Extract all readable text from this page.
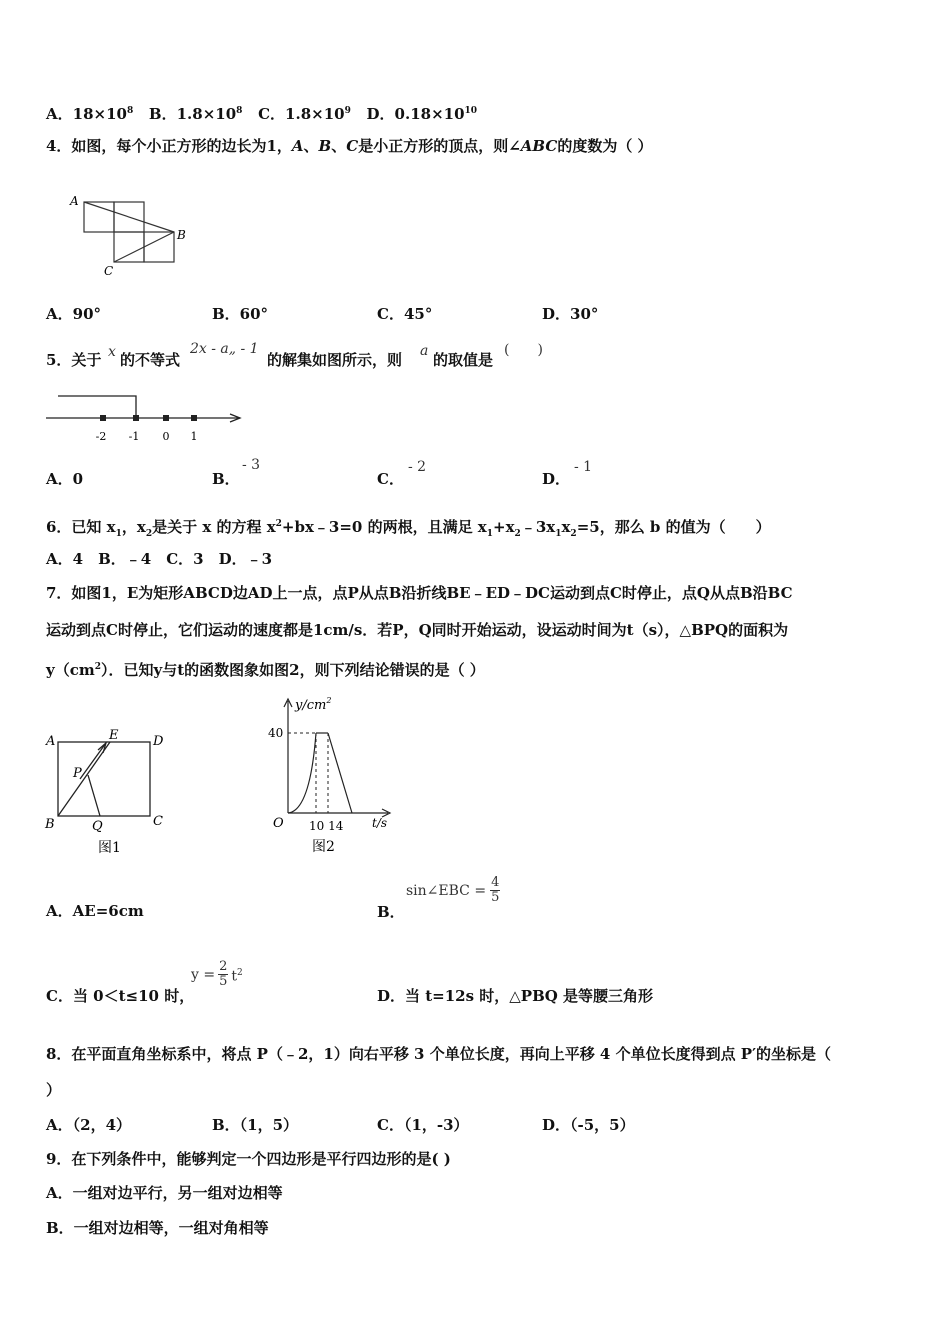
A．$18\times 10^8$ B．$1.8\times 10^8$ C．$1.8\times 10^9$ D．$0.18\times 10^{10}$
4．如图，每个小正方形的边长为1，A、B、C是小正方形的顶点，则∠ABC的度数为（ ）
A
B
C
A．90°	B．60°	C．45°	D．30°
5．关于 x 的不等式
2x - a„ - 1
的解集如图所示，则 a 的取值是
(　　)
-2 -1 0 1
A．0	B．
- 3
C．
- 2
D．
- 1
6．已知 $x_1$，$x_2$是关于 x 的方程 $x^2+bx﹣3=0$ 的两根，且满足 $x_1+x_2﹣3x_1x_2=5$，那么 b 的值为（　　）
A．4　B．﹣4　C．3　D．﹣3
7．如图1，E为矩形ABCD边AD上一点，点P从点B沿折线BE﹣ED﹣DC运动到点C时停止，点Q从点B沿BC
运动到点C时停止，它们运动的速度都是1cm/s．若P，Q同时开始运动，设运动时间为t（s），△BPQ的面积为
$y(cm^2)$．已知y与t的函数图象如图2，则下列结论错误的是（ ）
A	E	D
P
B	Q	C
图1
$y/cm^2$
40
O 10 14 t/s
图2
A．AE=6cm	B．
sin∠EBC = $\frac{4}{5}$
C．当 0＜t≤10 时，
$y = \frac{2}{5} t^2$
D．当 t=12s 时，△PBQ 是等腰三角形
8．在平面直角坐标系中，将点 P（﹣2，1）向右平移 3 个单位长度，再向上平移 4 个单位长度得到点 P′的坐标是（
）
A．（2，4）	B．（1，5）	C．（1，-3）	D．（-5，5）
9．在下列条件中，能够判定一个四边形是平行四边形的是( )
A．一组对边平行，另一组对边相等
B．一组对边相等，一组对角相等
